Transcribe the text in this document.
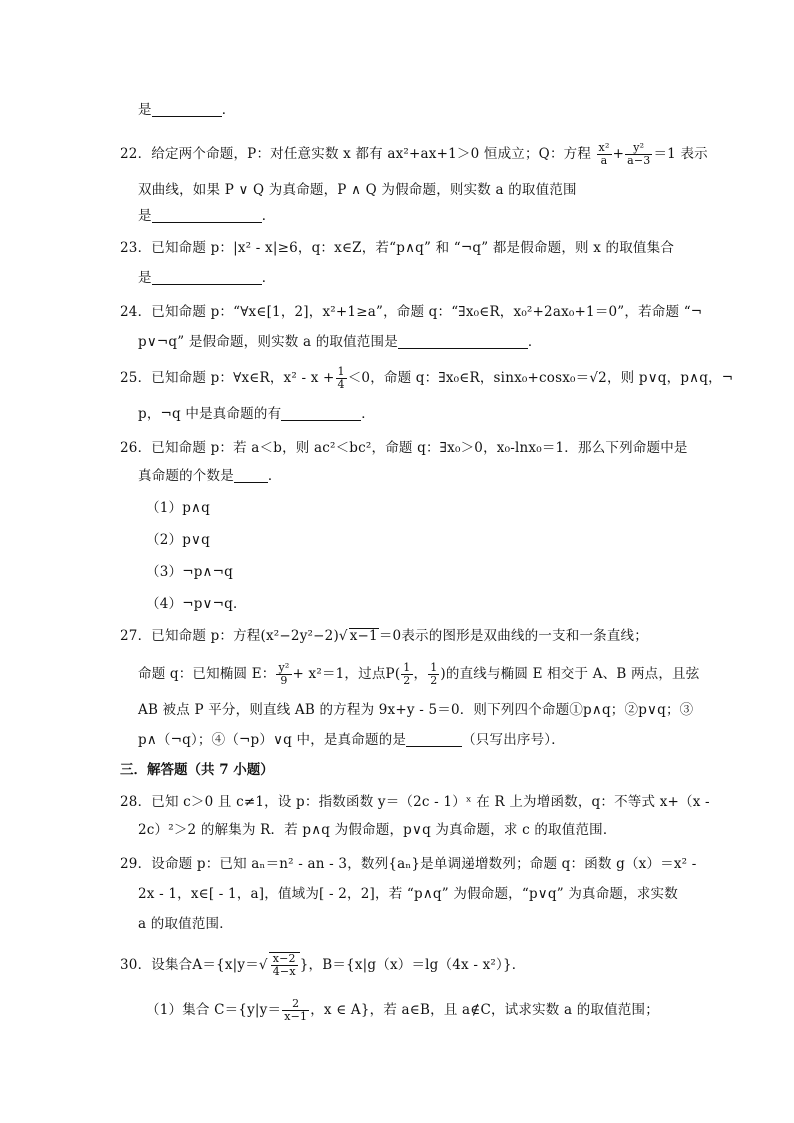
是	．
22．给定两个命题，P：对任意实数 x 都有 ax²+ax+1＞0 恒成立；Q：方程 $\frac{\text{x²}}{a} + \frac{\text{y²}}{a-3} =1$ 表示
双曲线，如果 P ∨ Q 为真命题，P ∧ Q 为假命题，则实数 a 的取值范围
是	．
23．已知命题 p：|x² - x|≥6，q：x∈Z，若“p∧q” 和 “¬q” 都是假命题，则 x 的取值集合
是	．
24．已知命题 p：“∀x∈[1，2]，x²+1≥a”，命题 q：“∃x₀∈R，x₀²+2ax₀+1＝0”，若命题 “¬
p∨¬q” 是假命题，则实数 a 的取值范围是	．
25．已知命题 p：∀x∈R，$x^2 - x + \frac{1}{4} <0$，命题 q：∃x₀∈R，sinx₀+cosx₀＝√2，则 p∨q，p∧q，¬
p，¬q 中是真命题的有	．
26．已知命题 p：若 a＜b，则 ac²＜bc²，命题 q：∃x₀＞0，x₀-lnx₀＝1．那么下列命题中是
真命题的个数是	．
（1）p∧q
（2）p∨q
（3）¬p∧¬q
（4）¬p∨¬q．
27．已知命题 p：方程(x²−2y²−2)√ x−1＝0表示的图形是双曲线的一支和一条直线；
命题 q：已知椭圆 E： $\frac{\text{y²}}{9} + x^2=1$，过点$P( \frac{1}{2}$ ， $\frac{1}{2}$ )的直线与椭圆 E 相交于 A、B 两点，且弦
AB 被点 P 平分，则直线 AB 的方程为 9x+y - 5＝0．则下列四个命题①p∧q；②p∨q；③
p∧（¬q）；④（¬p）∨q 中，是真命题的是	（只写出序号）．
三．解答题（共 7 小题）
28．已知 c＞0 且 c≠1，设 p：指数函数 y＝（2c - 1）ˣ 在 R 上为增函数，q：不等式 x+（x -
2c）²＞2 的解集为 R．若 p∧q 为假命题，p∨q 为真命题，求 c 的取值范围．
29．设命题 p：已知 aₙ＝n² - an - 3，数列{aₙ}是单调递增数列；命题 q：函数 g（x）＝x² -
2x - 1，x∈[ - 1，a]，值域为[ - 2，2]，若 “p∧q” 为假命题，“p∨q” 为真命题，求实数
a 的取值范围．
30．设集合$A=\{x|y=√ \frac{x-2}{4-x}$ }，B＝{x|g（x）＝lg（4x - x²）}．
（1）集合 $C=\{y|y= \frac{2}{x-1}$ ，x ∈ A}，若 a∈B，且 a∉C，试求实数 a 的取值范围；
